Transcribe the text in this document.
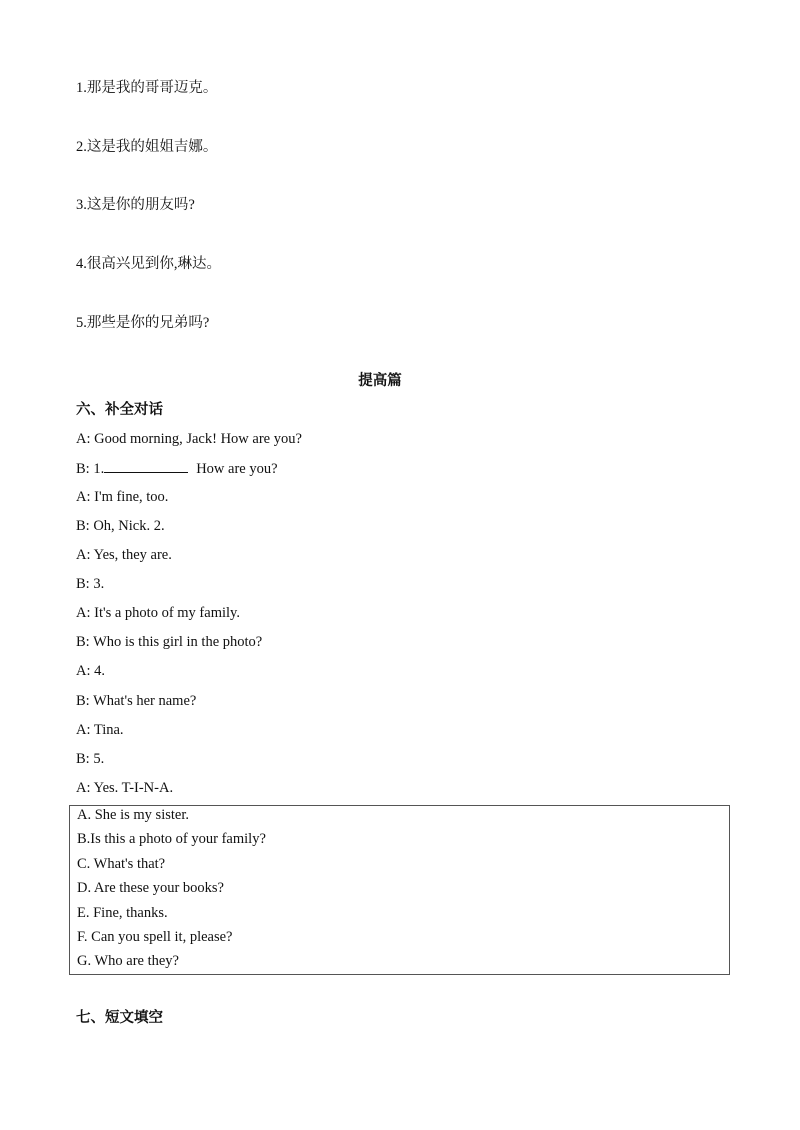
1.那是我的哥哥迈克。
2.这是我的姐姐吉娜。
3.这是你的朋友吗?
4.很高兴见到你,琳达。
5.那些是你的兄弟吗?
提高篇
六、补全对话
A: Good morning, Jack! How are you?
B: 1.	How are you?
A: I'm fine, too.
B: Oh, Nick. 2.
A: Yes, they are.
B: 3.
A: It's a photo of my family.
B: Who is this girl in the photo?
A: 4.
B: What's her name?
A: Tina.
B: 5.
A: Yes. T-I-N-A.
A. She is my sister.
B.Is this a photo of your family?
C. What's that?
D. Are these your books?
E. Fine, thanks.
F. Can you spell it, please?
G. Who are they?
七、短文填空
